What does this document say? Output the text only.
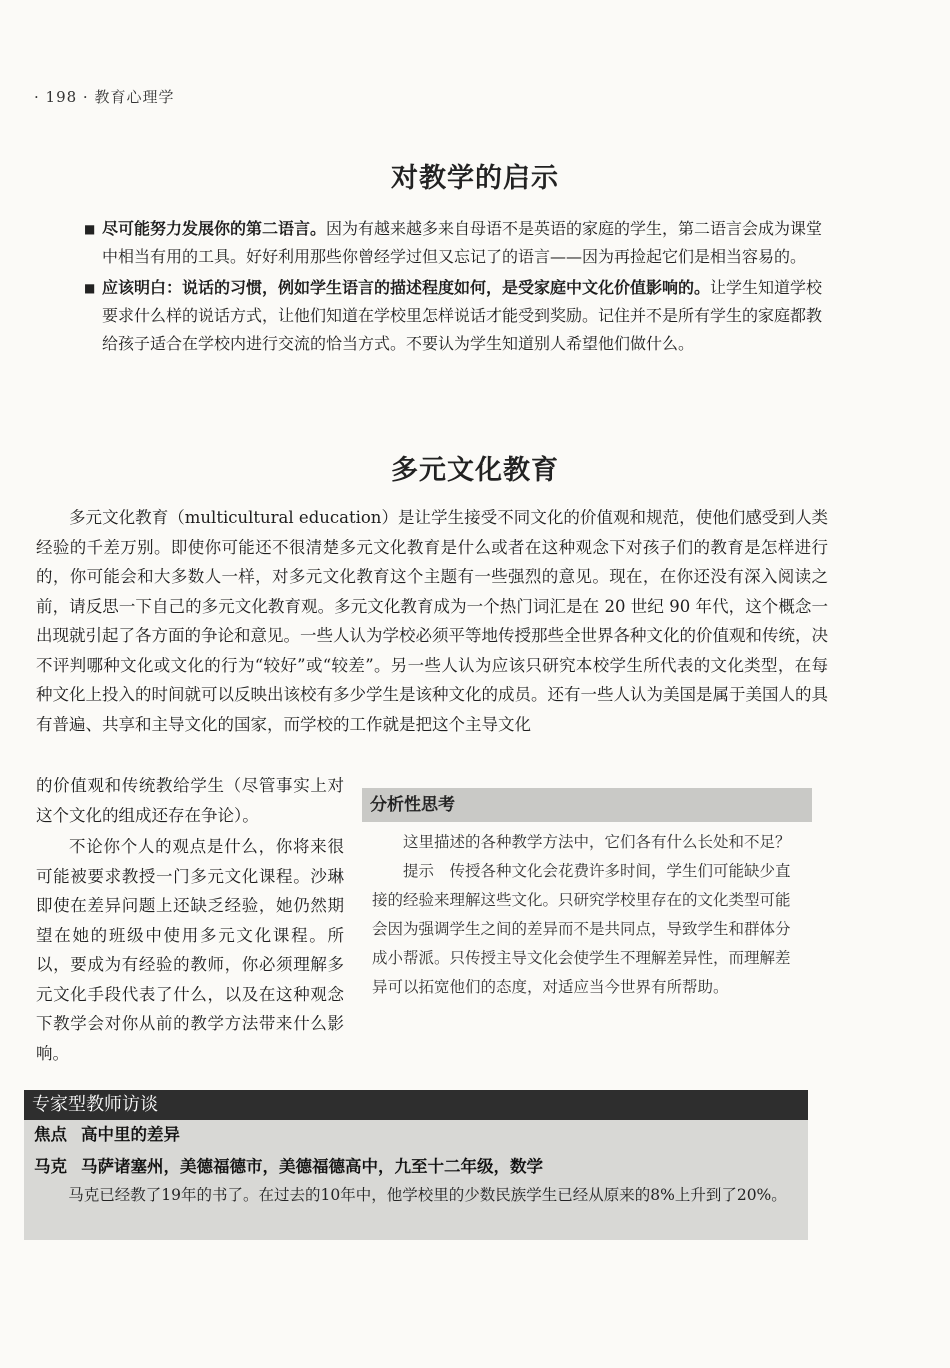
· 198 · 教育心理学
对教学的启示
■ 尽可能努力发展你的第二语言。因为有越来越多来自母语不是英语的家庭的学生，第二语言会成为课堂中相当有用的工具。好好利用那些你曾经学过但又忘记了的语言——因为再捡起它们是相当容易的。
■ 应该明白：说话的习惯，例如学生语言的描述程度如何，是受家庭中文化价值影响的。让学生知道学校要求什么样的说话方式，让他们知道在学校里怎样说话才能受到奖励。记住并不是所有学生的家庭都教给孩子适合在学校内进行交流的恰当方式。不要认为学生知道别人希望他们做什么。
多元文化教育

多元文化教育（multicultural education）是让学生接受不同文化的价值观和规范，使他们感受到人类经验的千差万别。即使你可能还不很清楚多元文化教育是什么或者在这种观念下对孩子们的教育是怎样进行的，你可能会和大多数人一样，对多元文化教育这个主题有一些强烈的意见。现在，在你还没有深入阅读之前，请反思一下自己的多元文化教育观。多元文化教育成为一个热门词汇是在 20 世纪 90 年代，这个概念一出现就引起了各方面的争论和意见。一些人认为学校必须平等地传授那些全世界各种文化的价值观和传统，决不评判哪种文化或文化的行为“较好”或“较差”。另一些人认为应该只研究本校学生所代表的文化类型，在每种文化上投入的时间就可以反映出该校有多少学生是该种文化的成员。还有一些人认为美国是属于美国人的具有普遍、共享和主导文化的国家，而学校的工作就是把这个主导文化

的价值观和传统教给学生（尽管事实上对这个文化的组成还存在争论）。

不论你个人的观点是什么，你将来很可能被要求教授一门多元文化课程。沙琳即使在差异问题上还缺乏经验，她仍然期望在她的班级中使用多元文化课程。所以，要成为有经验的教师，你必须理解多元文化手段代表了什么，以及在这种观念下教学会对你从前的教学方法带来什么影响。

分析性思考

这里描述的各种教学方法中，它们各有什么长处和不足？

提示　传授各种文化会花费许多时间，学生们可能缺少直接的经验来理解这些文化。只研究学校里存在的文化类型可能会因为强调学生之间的差异而不是共同点，导致学生和群体分成小帮派。只传授主导文化会使学生不理解差异性，而理解差异可以拓宽他们的态度，对适应当今世界有所帮助。

专家型教师访谈
焦点 高中里的差异
马克 马萨诸塞州，美德福德市，美德福德高中，九至十二年级，数学

马克已经教了19年的书了。在过去的10年中，他学校里的少数民族学生已经从原来的8%上升到了20%。
